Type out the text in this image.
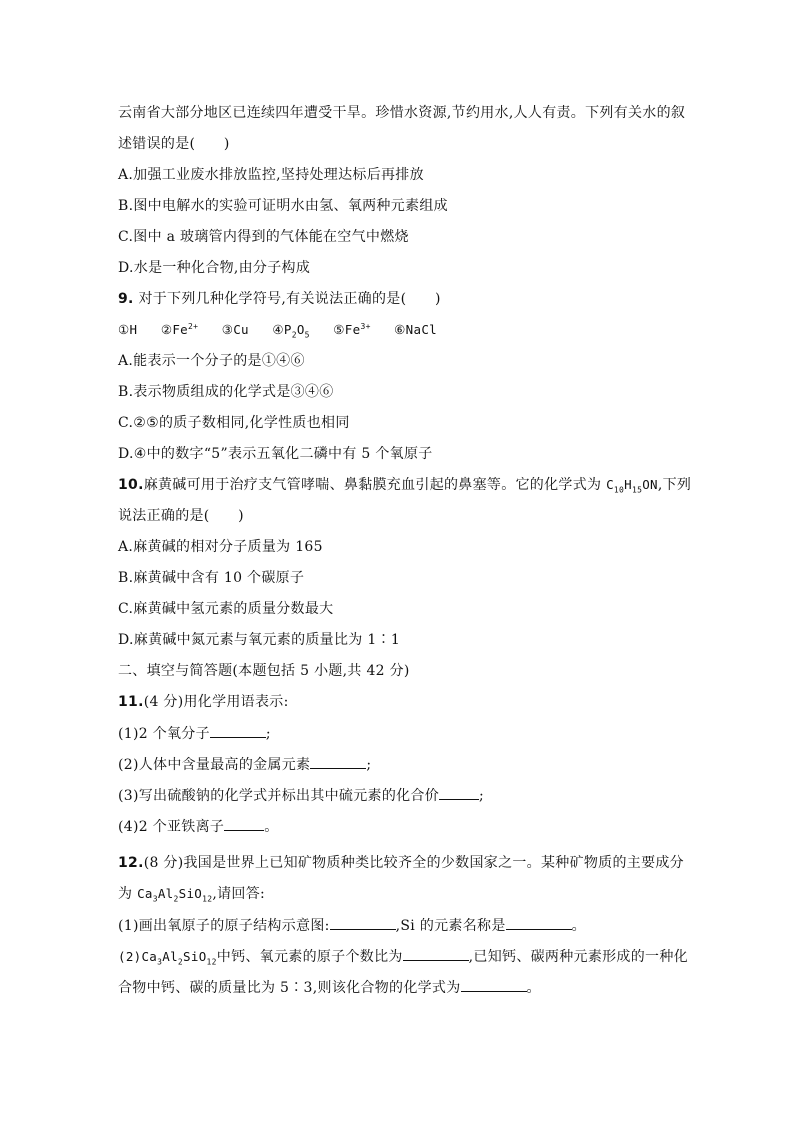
云南省大部分地区已连续四年遭受干旱。珍惜水资源,节约用水,人人有责。下列有关水的叙
述错误的是(　　)
A.加强工业废水排放监控,坚持处理达标后再排放
B.图中电解水的实验可证明水由氢、氧两种元素组成
C.图中 a 玻璃管内得到的气体能在空气中燃烧
D.水是一种化合物,由分子构成
9. 对于下列几种化学符号,有关说法正确的是(　　)
①H $②Fe^{2+}$ ③Cu $④P_2O_5$ $⑤Fe^{3+}$ ⑥NaCl
A.能表示一个分子的是①④⑥
B.表示物质组成的化学式是③④⑥
C.②⑤的质子数相同,化学性质也相同
D.④中的数字“5”表示五氧化二磷中有 5 个氧原子
10.麻黄碱可用于治疗支气管哮喘、鼻黏膜充血引起的鼻塞等。它的化学式为 $C_{10}H_{15}ON$,下列
说法正确的是(　　)
A.麻黄碱的相对分子质量为 165
B.麻黄碱中含有 10 个碳原子
C.麻黄碱中氢元素的质量分数最大
D.麻黄碱中氮元素与氧元素的质量比为 1∶1
二、填空与简答题(本题包括 5 小题,共 42 分)
11.(4 分)用化学用语表示:
(1)2 个氧分子	;
(2)人体中含量最高的金属元素	;
(3)写出硫酸钠的化学式并标出其中硫元素的化合价	;
(4)2 个亚铁离子	。
12.(8 分)我国是世界上已知矿物质种类比较齐全的少数国家之一。某种矿物质的主要成分
为 $Ca_3Al_2SiO_{12}$,请回答:
(1)画出氧原子的原子结构示意图:	,Si 的元素名称是	。
$(2)Ca_3Al_2SiO_{12}$中钙、氧元素的原子个数比为	,已知钙、碳两种元素形成的一种化
合物中钙、碳的质量比为 5∶3,则该化合物的化学式为	。
